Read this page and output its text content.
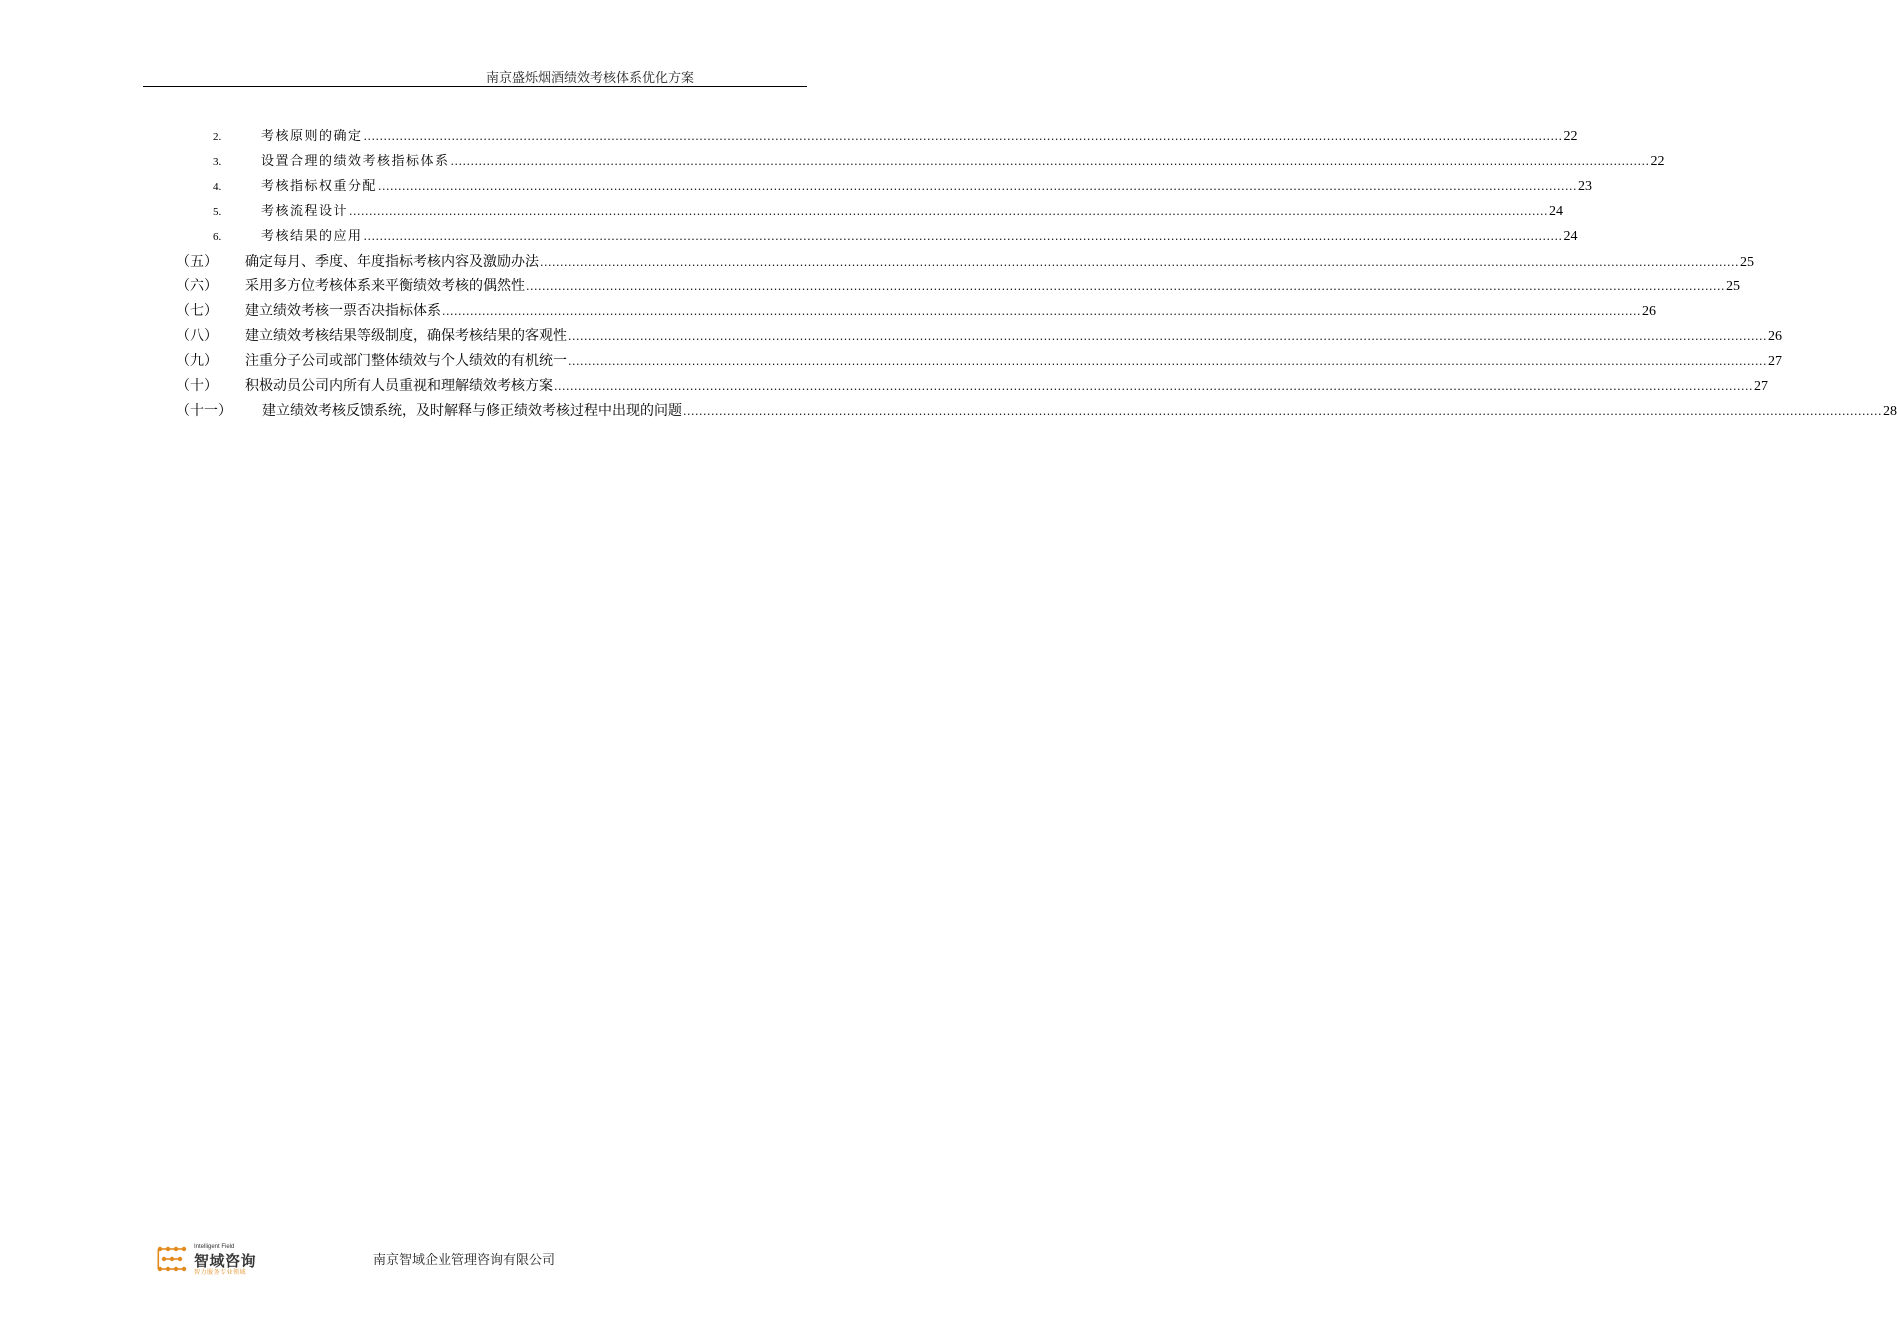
南京盛烁烟酒绩效考核体系优化方案
2.	考核原则的确定 ............................................................................................................................................................................................................................................................................................................ 22
3.	设置合理的绩效考核指标体系 ............................................................................................................................................................................................................................................................................................................ 22
4.	考核指标权重分配 ............................................................................................................................................................................................................................................................................................................ 23
5.	考核流程设计 ............................................................................................................................................................................................................................................................................................................ 24
6.	考核结果的应用 ............................................................................................................................................................................................................................................................................................................ 24
（五） 确定每月、季度、年度指标考核内容及激励办法 ............................................................................................................................................................................................................................................................................................................ 25
（六） 采用多方位考核体系来平衡绩效考核的偶然性 ............................................................................................................................................................................................................................................................................................................ 25
（七） 建立绩效考核一票否决指标体系 ............................................................................................................................................................................................................................................................................................................ 26
（八） 建立绩效考核结果等级制度，确保考核结果的客观性 ............................................................................................................................................................................................................................................................................................................ 26
（九） 注重分子公司或部门整体绩效与个人绩效的有机统一 ............................................................................................................................................................................................................................................................................................................ 27
（十） 积极动员公司内所有人员重视和理解绩效考核方案 ............................................................................................................................................................................................................................................................................................................ 27
（十一） 建立绩效考核反馈系统，及时解释与修正绩效考核过程中出现的问题 ............................................................................................................................................................................................................................................................................................................ 28
Intelligent Field
智域咨询
智力服务专业领域
南京智域企业管理咨询有限公司
